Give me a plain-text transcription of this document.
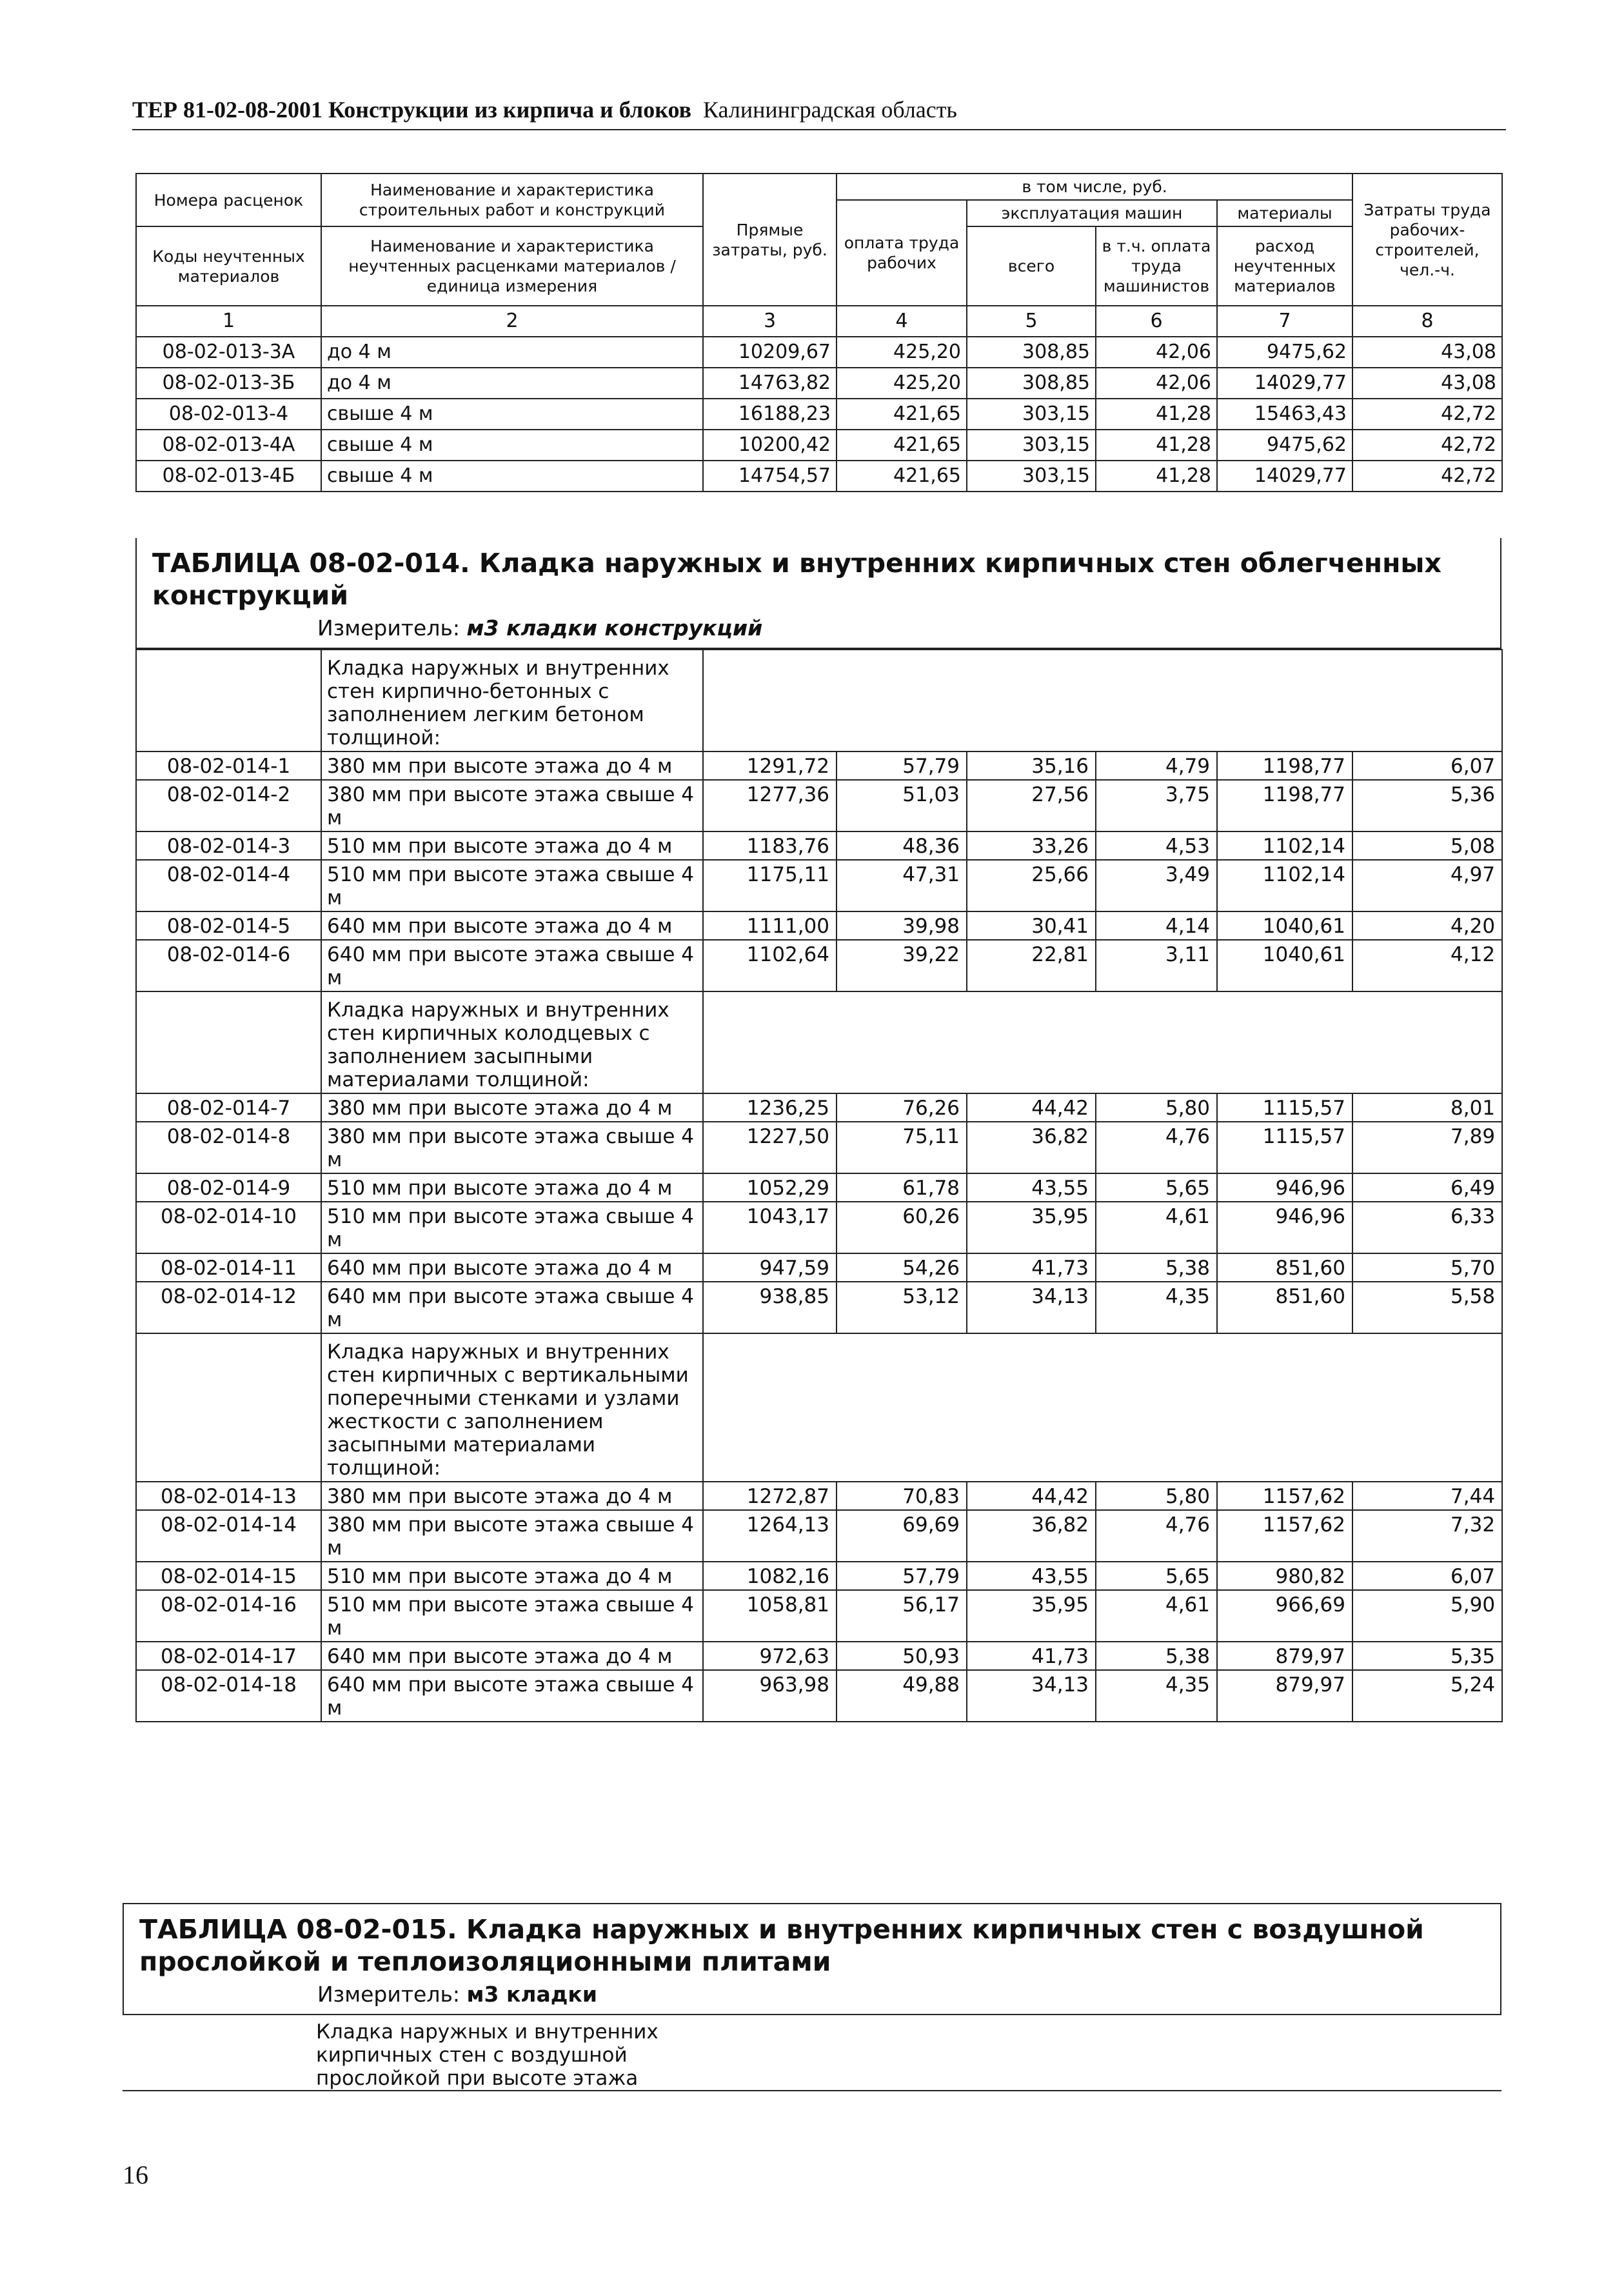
ТЕР 81-02-08-2001 Конструкции из кирпича и блоков Калининградская область
Номера расценок	Наименование и характеристика строительных работ и конструкций	Прямые затраты, руб.	в том числе, руб.				Затраты труда рабочих-строителей, чел.-ч.
			оплата труда рабочих	эксплуатация машин		материалы	
Коды неучтенных материалов	Наименование и характеристика неучтенных расценками материалов / единица измерения			всего	в т.ч. оплата труда машинистов	расход неучтенных материалов	

1	2	3	4	5	6	7	8
08-02-013-3А	до 4 м	10209,67	425,20	308,85	42,06	9475,62	43,08
08-02-013-3Б	до 4 м	14763,82	425,20	308,85	42,06	14029,77	43,08
08-02-013-4	свыше 4 м	16188,23	421,65	303,15	41,28	15463,43	42,72
08-02-013-4А	свыше 4 м	10200,42	421,65	303,15	41,28	9475,62	42,72
08-02-013-4Б	свыше 4 м	14754,57	421,65	303,15	41,28	14029,77	42,72
ТАБЛИЦА 08-02-014. Кладка наружных и внутренних кирпичных стен облегченных конструкций
Измеритель: м3 кладки конструкций
	Кладка наружных и внутренних стен кирпично-бетонных с заполнением легким бетоном толщиной:						
08-02-014-1	380 мм при высоте этажа до 4 м	1291,72	57,79	35,16	4,79	1198,77	6,07
08-02-014-2	380 мм при высоте этажа свыше 4 м	1277,36	51,03	27,56	3,75	1198,77	5,36
08-02-014-3	510 мм при высоте этажа до 4 м	1183,76	48,36	33,26	4,53	1102,14	5,08
08-02-014-4	510 мм при высоте этажа свыше 4 м	1175,11	47,31	25,66	3,49	1102,14	4,97
08-02-014-5	640 мм при высоте этажа до 4 м	1111,00	39,98	30,41	4,14	1040,61	4,20
08-02-014-6	640 мм при высоте этажа свыше 4 м	1102,64	39,22	22,81	3,11	1040,61	4,12
	Кладка наружных и внутренних стен кирпичных колодцевых с заполнением засыпными материалами толщиной:						
08-02-014-7	380 мм при высоте этажа до 4 м	1236,25	76,26	44,42	5,80	1115,57	8,01
08-02-014-8	380 мм при высоте этажа свыше 4 м	1227,50	75,11	36,82	4,76	1115,57	7,89
08-02-014-9	510 мм при высоте этажа до 4 м	1052,29	61,78	43,55	5,65	946,96	6,49
08-02-014-10	510 мм при высоте этажа свыше 4 м	1043,17	60,26	35,95	4,61	946,96	6,33
08-02-014-11	640 мм при высоте этажа до 4 м	947,59	54,26	41,73	5,38	851,60	5,70
08-02-014-12	640 мм при высоте этажа свыше 4 м	938,85	53,12	34,13	4,35	851,60	5,58
	Кладка наружных и внутренних стен кирпичных с вертикальными поперечными стенками и узлами жесткости с заполнением засыпными материалами толщиной:						
08-02-014-13	380 мм при высоте этажа до 4 м	1272,87	70,83	44,42	5,80	1157,62	7,44
08-02-014-14	380 мм при высоте этажа свыше 4 м	1264,13	69,69	36,82	4,76	1157,62	7,32
08-02-014-15	510 мм при высоте этажа до 4 м	1082,16	57,79	43,55	5,65	980,82	6,07
08-02-014-16	510 мм при высоте этажа свыше 4 м	1058,81	56,17	35,95	4,61	966,69	5,90
08-02-014-17	640 мм при высоте этажа до 4 м	972,63	50,93	41,73	5,38	879,97	5,35
08-02-014-18	640 мм при высоте этажа свыше 4 м	963,98	49,88	34,13	4,35	879,97	5,24
ТАБЛИЦА 08-02-015. Кладка наружных и внутренних кирпичных стен с воздушной прослойкой и теплоизоляционными плитами
Измеритель: м3 кладки
Кладка наружных и внутренних кирпичных стен с воздушной прослойкой при высоте этажа
16
